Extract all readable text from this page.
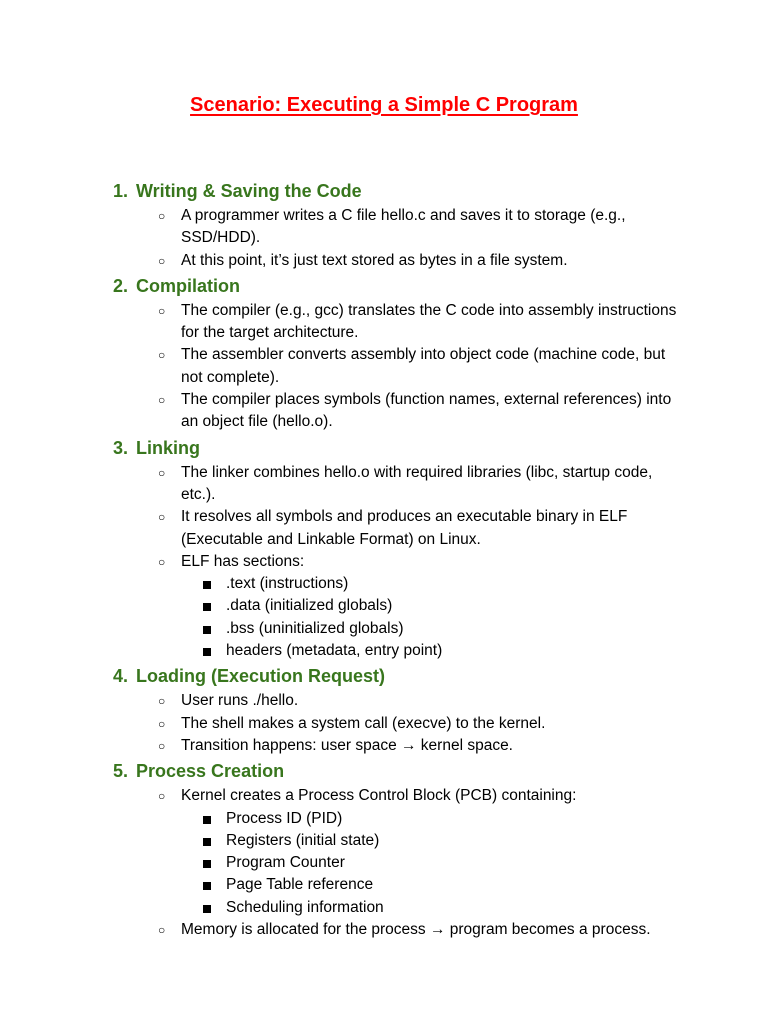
Scenario: Executing a Simple C Program
1. Writing & Saving the Code
○ A programmer writes a C file hello.c and saves it to storage (e.g., SSD/HDD).
○ At this point, it’s just text stored as bytes in a file system.
2. Compilation
○ The compiler (e.g., gcc) translates the C code into assembly instructions for the target architecture.
○ The assembler converts assembly into object code (machine code, but not complete).
○ The compiler places symbols (function names, external references) into an object file (hello.o).
3. Linking
○ The linker combines hello.o with required libraries (libc, startup code, etc.).
○ It resolves all symbols and produces an executable binary in ELF (Executable and Linkable Format) on Linux.
○ ELF has sections:
.text (instructions)
.data (initialized globals)
.bss (uninitialized globals)
headers (metadata, entry point)
4. Loading (Execution Request)
○ User runs ./hello.
○ The shell makes a system call (execve) to the kernel.
○ Transition happens: user space → kernel space.
5. Process Creation
○ Kernel creates a Process Control Block (PCB) containing:
Process ID (PID)
Registers (initial state)
Program Counter
Page Table reference
Scheduling information
○ Memory is allocated for the process → program becomes a process.
